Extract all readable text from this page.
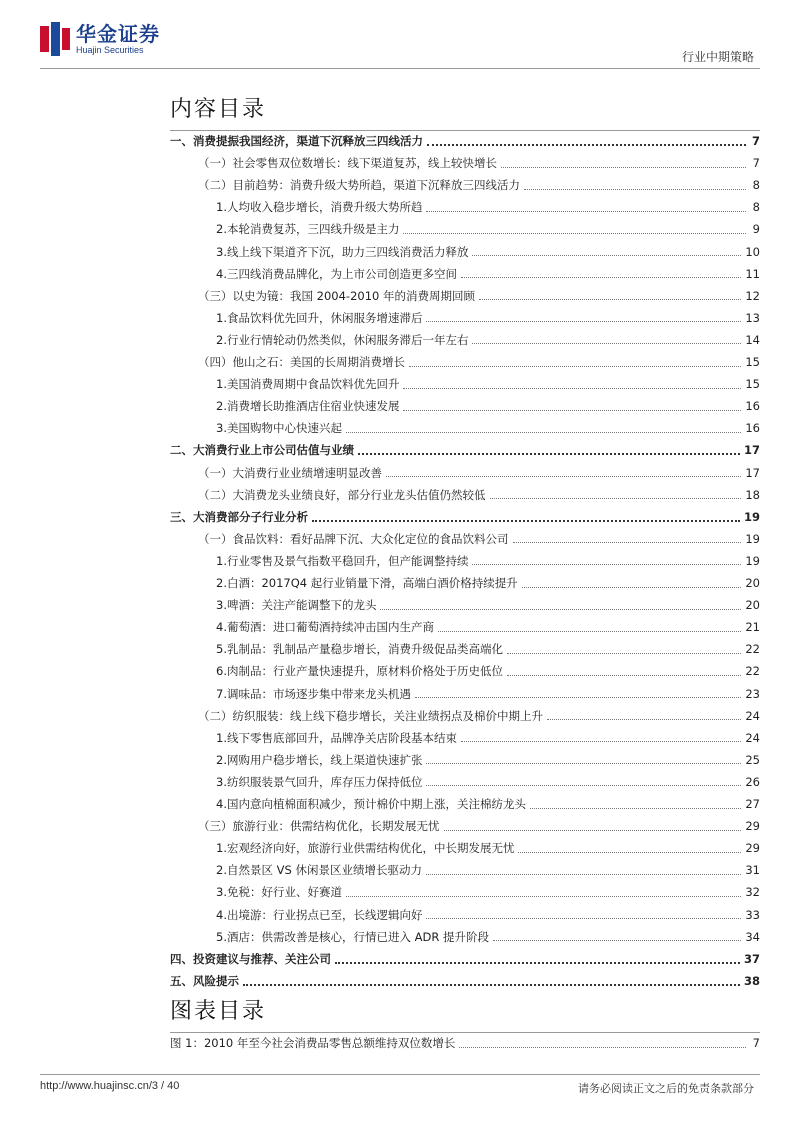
华金证券
Huajin Securities
行业中期策略
内容目录
一、消费提振我国经济，渠道下沉释放三四线活力	7
（一）社会零售双位数增长：线下渠道复苏，线上较快增长	7
（二）目前趋势：消费升级大势所趋，渠道下沉释放三四线活力	8
1.人均收入稳步增长，消费升级大势所趋	8
2.本轮消费复苏，三四线升级是主力	9
3.线上线下渠道齐下沉，助力三四线消费活力释放	10
4.三四线消费品牌化，为上市公司创造更多空间	11
（三）以史为镜：我国 2004-2010 年的消费周期回顾	12
1.食品饮料优先回升，休闲服务增速滞后	13
2.行业行情轮动仍然类似，休闲服务滞后一年左右	14
（四）他山之石：美国的长周期消费增长	15
1.美国消费周期中食品饮料优先回升	15
2.消费增长助推酒店住宿业快速发展	16
3.美国购物中心快速兴起	16
二、大消费行业上市公司估值与业绩	17
（一）大消费行业业绩增速明显改善	17
（二）大消费龙头业绩良好，部分行业龙头估值仍然较低	18
三、大消费部分子行业分析	19
（一）食品饮料：看好品牌下沉、大众化定位的食品饮料公司	19
1.行业零售及景气指数平稳回升，但产能调整持续	19
2.白酒：2017Q4 起行业销量下滑，高端白酒价格持续提升	20
3.啤酒：关注产能调整下的龙头	20
4.葡萄酒：进口葡萄酒持续冲击国内生产商	21
5.乳制品：乳制品产量稳步增长，消费升级促品类高端化	22
6.肉制品：行业产量快速提升，原材料价格处于历史低位	22
7.调味品：市场逐步集中带来龙头机遇	23
（二）纺织服装：线上线下稳步增长，关注业绩拐点及棉价中期上升	24
1.线下零售底部回升，品牌净关店阶段基本结束	24
2.网购用户稳步增长，线上渠道快速扩张	25
3.纺织服装景气回升，库存压力保持低位	26
4.国内意向植棉面积减少，预计棉价中期上涨，关注棉纺龙头	27
（三）旅游行业：供需结构优化，长期发展无忧	29
1.宏观经济向好，旅游行业供需结构优化，中长期发展无忧	29
2.自然景区 VS 休闲景区业绩增长驱动力	31
3.免税：好行业、好赛道	32
4.出境游：行业拐点已至，长线逻辑向好	33
5.酒店：供需改善是核心，行情已进入 ADR 提升阶段	34
四、投资建议与推荐、关注公司	37
五、风险提示	38
图表目录
图 1：2010 年至今社会消费品零售总额维持双位数增长	7
http://www.huajinsc.cn/3 / 40	请务必阅读正文之后的免责条款部分
